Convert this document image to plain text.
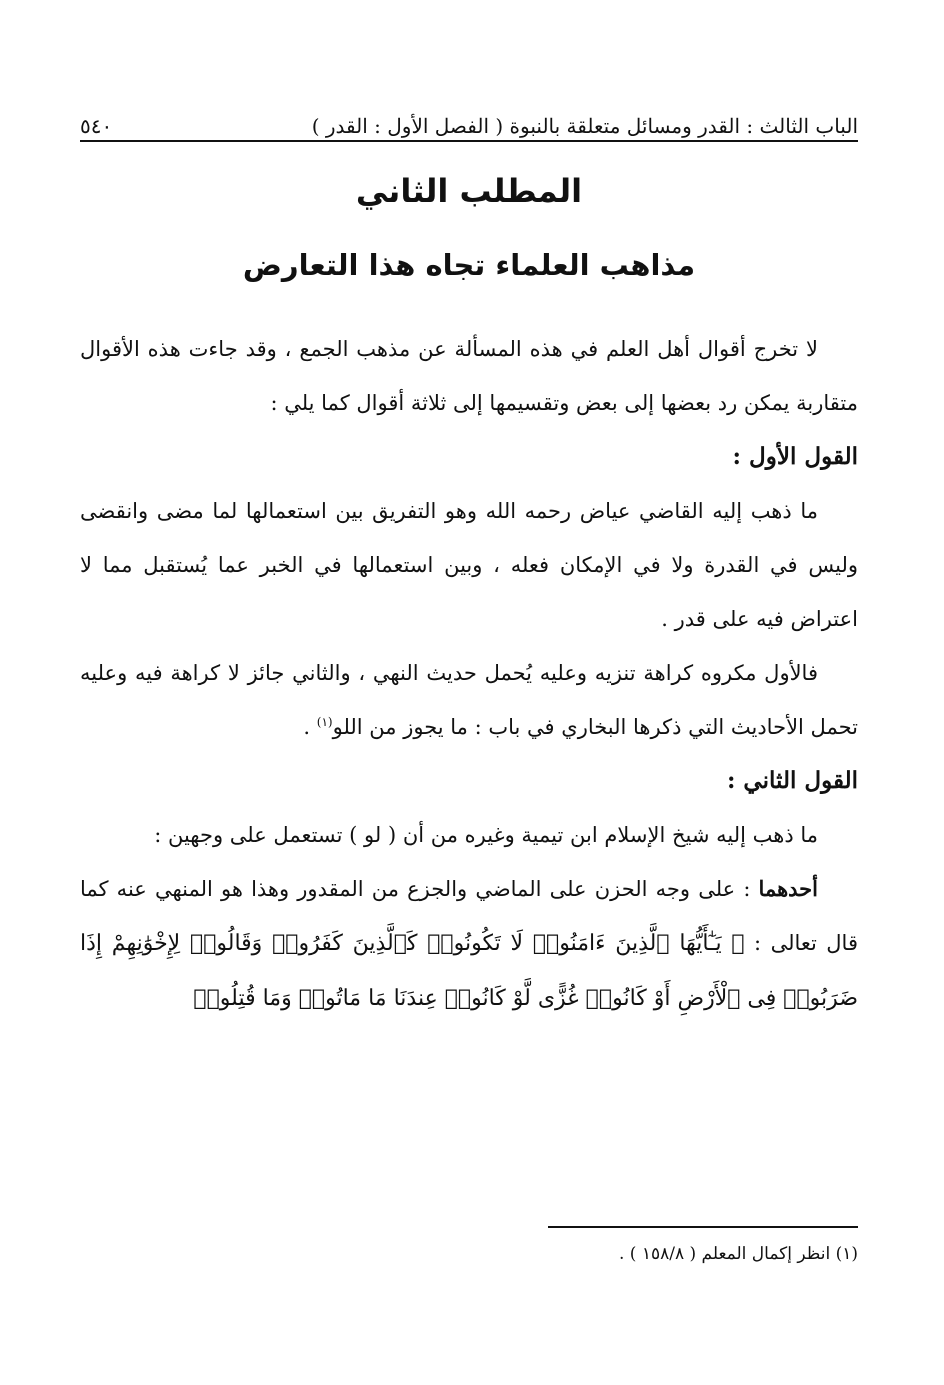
الباب الثالث : القدر ومسائل متعلقة بالنبوة ( الفصل الأول : القدر )
٥٤٠
المطلب الثاني
مذاهب العلماء تجاه هذا التعارض

لا تخرج أقوال أهل العلم في هذه المسألة عن مذهب الجمع ، وقد جاءت هذه الأقوال متقاربة يمكن رد بعضها إلى بعض وتقسيمها إلى ثلاثة أقوال كما يلي :

القول الأول :

ما ذهب إليه القاضي عياض رحمه الله وهو التفريق بين استعمالها لما مضى وانقضى وليس في القدرة ولا في الإمكان فعله ، وبين استعمالها في الخبر عما يُستقبل مما لا اعتراض فيه على قدر .

فالأول مكروه كراهة تنزيه وعليه يُحمل حديث النهي ، والثاني جائز لا كراهة فيه وعليه تحمل الأحاديث التي ذكرها البخاري في باب : ما يجوز من اللو$^{(١)}$ .

القول الثاني :

ما ذهب إليه شيخ الإسلام ابن تيمية وغيره من أن ( لو ) تستعمل على وجهين :

أحدهما : على وجه الحزن على الماضي والجزع من المقدور وهذا هو المنهي عنه كما قال تعالى : ﴿ يَـٰٓأَيُّهَا ٱلَّذِينَ ءَامَنُوا۟ لَا تَكُونُوا۟ كَٱلَّذِينَ كَفَرُوا۟ وَقَالُوا۟ لِإِخْوَٰنِهِمْ إِذَا ضَرَبُوا۟ فِى ٱلْأَرْضِ أَوْ كَانُوا۟ غُزًّى لَّوْ كَانُوا۟ عِندَنَا مَا مَاتُوا۟ وَمَا قُتِلُوا۟

(١) انظر إكمال المعلم ( ١٥٨/٨ ) .
